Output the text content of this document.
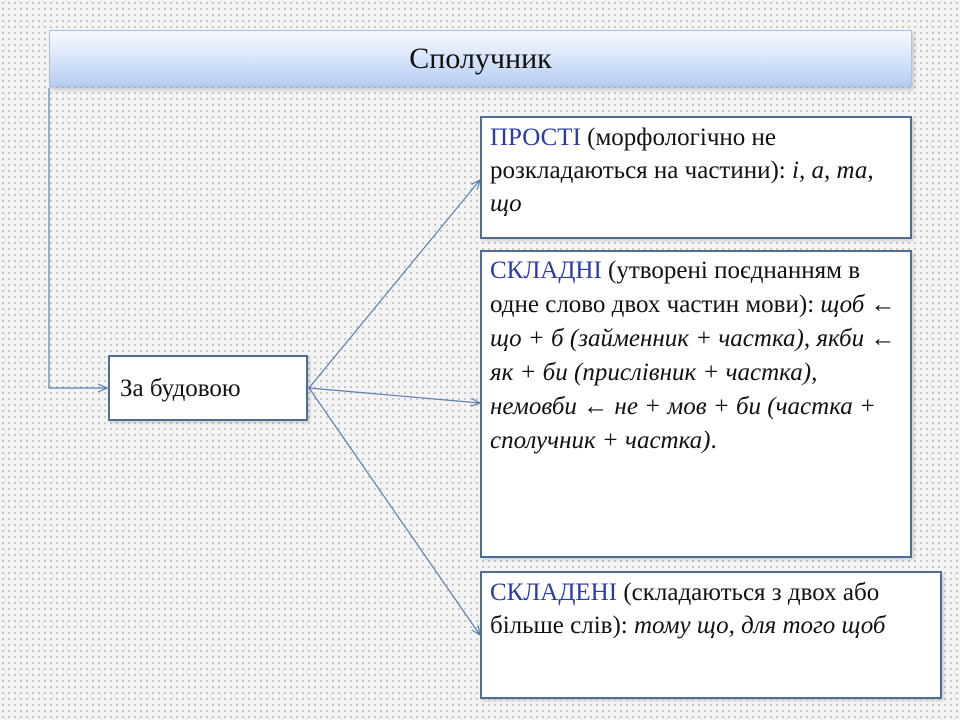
Сполучник
За будовою
ПРОСТІ (морфологічно не розкладаються на частини): і, а, та, що
СКЛАДНІ (утворені поєднанням в одне слово двох частин мови): щоб ← що + б (займенник + частка), якби ← як + би (прислівник + частка), немовби ← не + мов + би (частка + сполучник + частка).
СКЛАДЕНІ (складаються з двох або більше слів): тому що, для того щоб
